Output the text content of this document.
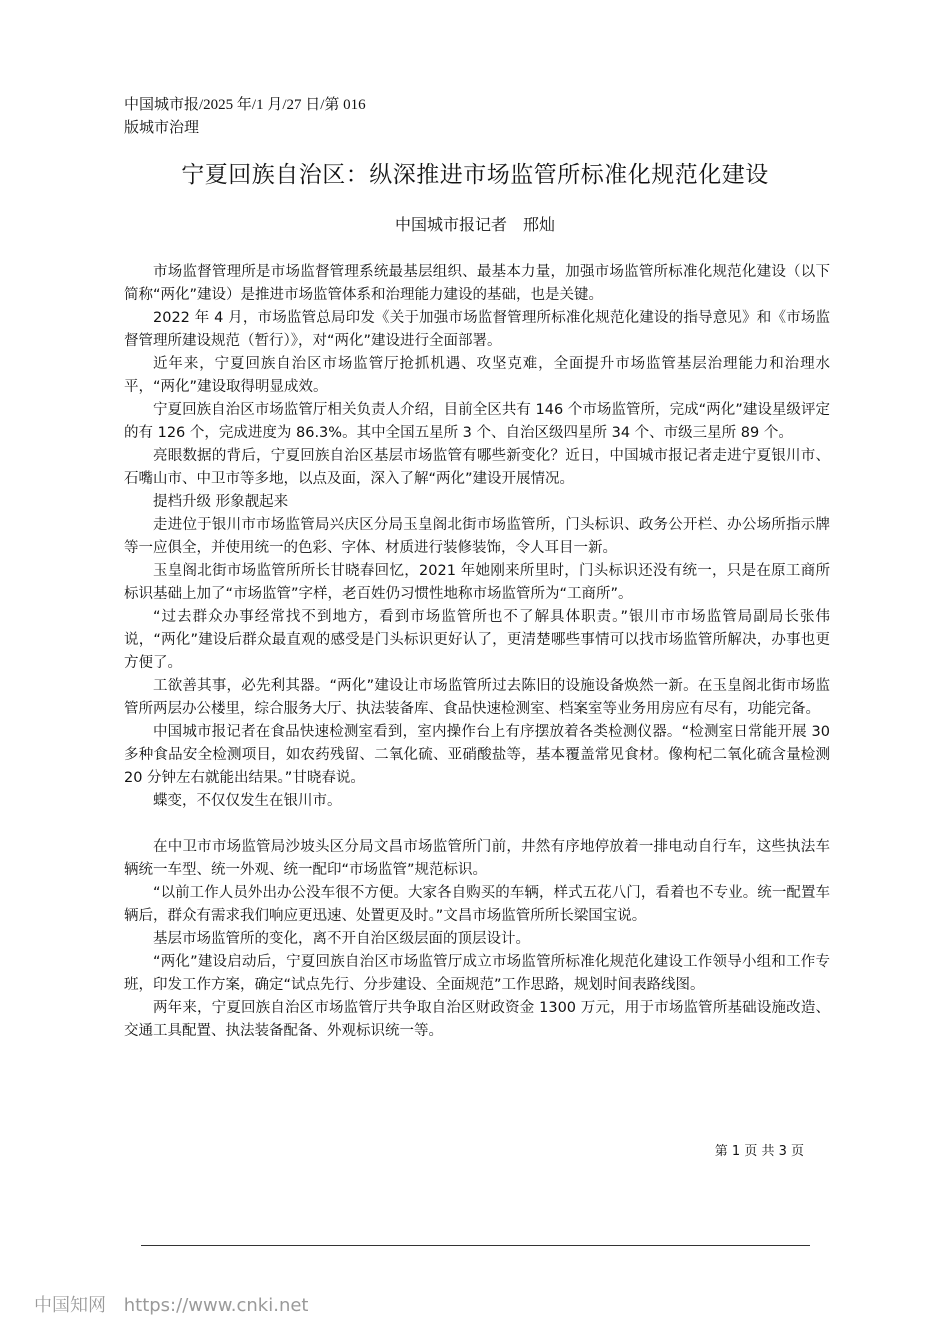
中国城市报/2025 年/1 月/27 日/第 016
版城市治理
宁夏回族自治区：纵深推进市场监管所标准化规范化建设
中国城市报记者　邢灿

市场监督管理所是市场监督管理系统最基层组织、最基本力量，加强市场监管所标准化规范化建设（以下简称“两化”建设）是推进市场监管体系和治理能力建设的基础，也是关键。

2022 年 4 月，市场监管总局印发《关于加强市场监督管理所标准化规范化建设的指导意见》和《市场监督管理所建设规范（暂行）》，对“两化”建设进行全面部署。

近年来，宁夏回族自治区市场监管厅抢抓机遇、攻坚克难，全面提升市场监管基层治理能力和治理水平，“两化”建设取得明显成效。

宁夏回族自治区市场监管厅相关负责人介绍，目前全区共有 146 个市场监管所，完成“两化”建设星级评定的有 126 个，完成进度为 86.3%。其中全国五星所 3 个、自治区级四星所 34 个、市级三星所 89 个。

亮眼数据的背后，宁夏回族自治区基层市场监管有哪些新变化？近日，中国城市报记者走进宁夏银川市、石嘴山市、中卫市等多地，以点及面，深入了解“两化”建设开展情况。

提档升级 形象靓起来

走进位于银川市市场监管局兴庆区分局玉皇阁北街市场监管所，门头标识、政务公开栏、办公场所指示牌等一应俱全，并使用统一的色彩、字体、材质进行装修装饰，令人耳目一新。

玉皇阁北街市场监管所所长甘晓春回忆，2021 年她刚来所里时，门头标识还没有统一，只是在原工商所标识基础上加了“市场监管”字样，老百姓仍习惯性地称市场监管所为“工商所”。

“过去群众办事经常找不到地方，看到市场监管所也不了解具体职责。”银川市市场监管局副局长张伟说，“两化”建设后群众最直观的感受是门头标识更好认了，更清楚哪些事情可以找市场监管所解决，办事也更方便了。

工欲善其事，必先利其器。“两化”建设让市场监管所过去陈旧的设施设备焕然一新。在玉皇阁北街市场监管所两层办公楼里，综合服务大厅、执法装备库、食品快速检测室、档案室等业务用房应有尽有，功能完备。

中国城市报记者在食品快速检测室看到，室内操作台上有序摆放着各类检测仪器。“检测室日常能开展 30 多种食品安全检测项目，如农药残留、二氧化硫、亚硝酸盐等，基本覆盖常见食材。像枸杞二氧化硫含量检测 20 分钟左右就能出结果。”甘晓春说。

蝶变，不仅仅发生在银川市。

在中卫市市场监管局沙坡头区分局文昌市场监管所门前，井然有序地停放着一排电动自行车，这些执法车辆统一车型、统一外观、统一配印“市场监管”规范标识。

“以前工作人员外出办公没车很不方便。大家各自购买的车辆，样式五花八门，看着也不专业。统一配置车辆后，群众有需求我们响应更迅速、处置更及时。”文昌市场监管所所长梁国宝说。

基层市场监管所的变化，离不开自治区级层面的顶层设计。

“两化”建设启动后，宁夏回族自治区市场监管厅成立市场监管所标准化规范化建设工作领导小组和工作专班，印发工作方案，确定“试点先行、分步建设、全面规范”工作思路，规划时间表路线图。

两年来，宁夏回族自治区市场监管厅共争取自治区财政资金 1300 万元，用于市场监管所基础设施改造、交通工具配置、执法装备配备、外观标识统一等。

第 1 页 共 3 页
中国知网 https://www.cnki.net
